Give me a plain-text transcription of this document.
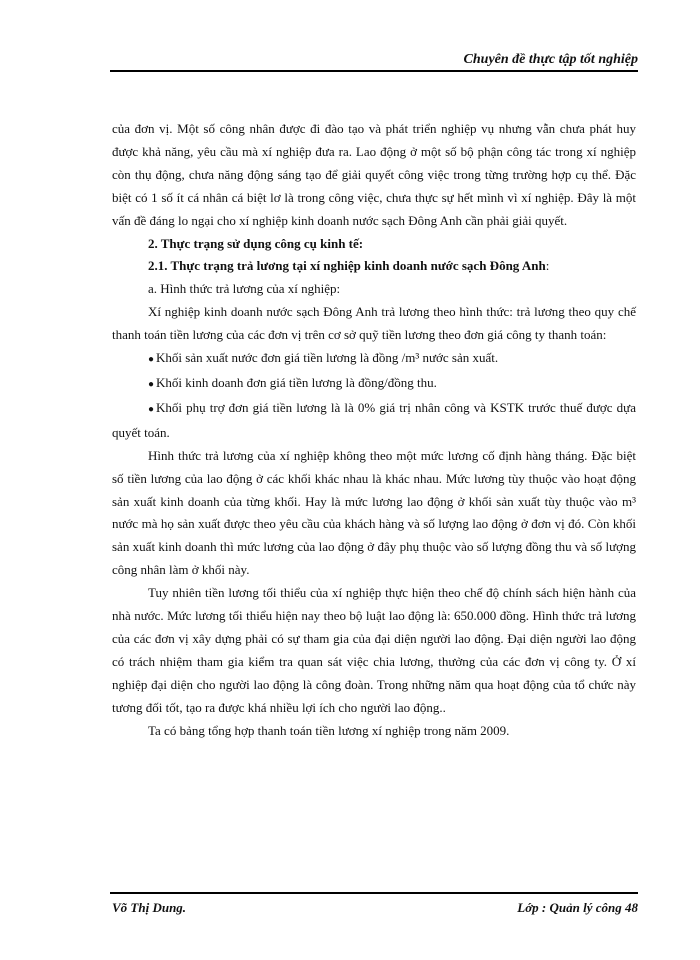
Chuyên đề thực tập tốt nghiệp

của đơn vị. Một số công nhân được đi đào tạo và phát triển nghiệp vụ nhưng vẫn chưa phát huy được khả năng, yêu cầu mà xí nghiệp đưa ra. Lao động ở một số bộ phận công tác trong xí nghiệp còn thụ động, chưa năng động sáng tạo để giải quyết công việc trong từng trường hợp cụ thể. Đặc biệt có 1 số ít cá nhân cá biệt lơ là trong công việc, chưa thực sự hết mình vì xí nghiệp. Đây là một vấn đề đáng lo ngại cho xí nghiệp kinh doanh nước sạch Đông Anh cần phải giải quyết.

2. Thực trạng sử dụng công cụ kinh tế:

2.1. Thực trạng trả lương tại xí nghiệp kinh doanh nước sạch Đông Anh:

a. Hình thức trả lương của xí nghiệp:

Xí nghiệp kinh doanh nước sạch Đông Anh trả lương theo hình thức: trả lương theo quy chế thanh toán tiền lương của các đơn vị trên cơ sở quỹ tiền lương theo đơn giá công ty thanh toán:

● Khối sản xuất nước đơn giá tiền lương là đồng /m³ nước sản xuất.

● Khối kinh doanh đơn giá tiền lương là đồng/đồng thu.

● Khối phụ trợ đơn giá tiền lương là là 0% giá trị nhân công và KSTK trước thuế được dựa quyết toán.

Hình thức trả lương của xí nghiệp không theo một mức lương cố định hàng tháng. Đặc biệt số tiền lương của lao động ở các khối khác nhau là khác nhau. Mức lương tùy thuộc vào hoạt động sản xuất kinh doanh của từng khối. Hay là mức lương lao động ở khối sản xuất tùy thuộc vào m³ nước mà họ sản xuất được theo yêu cầu của khách hàng và số lượng lao động ở đơn vị đó. Còn khối sản xuất kinh doanh thì mức lương của lao động ở đây phụ thuộc vào số lượng đồng thu và số lượng công nhân làm ở khối này.

Tuy nhiên tiền lương tối thiểu của xí nghiệp thực hiện theo chế độ chính sách hiện hành của nhà nước. Mức lương tối thiểu hiện nay theo bộ luật lao động là: 650.000 đồng. Hình thức trả lương của các đơn vị xây dựng phải có sự tham gia của đại diện người lao động. Đại diện người lao động có trách nhiệm tham gia kiểm tra quan sát việc chia lương, thưởng của các đơn vị công ty. Ở xí nghiệp đại diện cho người lao động là công đoàn. Trong những năm qua hoạt động của tổ chức này tương đối tốt, tạo ra được khá nhiều lợi ích cho người lao động..

Ta có bảng tổng hợp thanh toán tiền lương xí nghiệp trong năm 2009.

Võ Thị Dung.	Lớp : Quản lý công 48
